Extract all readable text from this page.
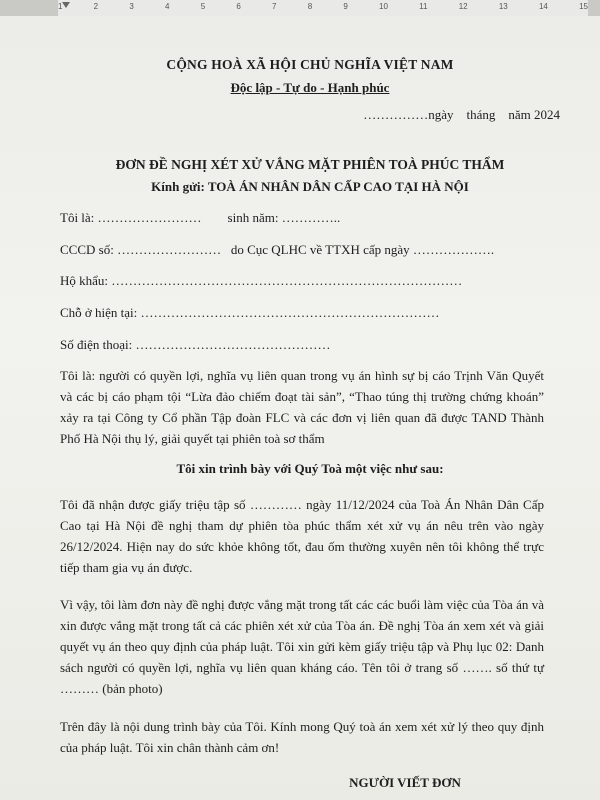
1	2	3	4	5	6	7	8	9	10	11	12	13	14	15
CỘNG HOÀ XÃ HỘI CHỦ NGHĨA VIỆT NAM
Độc lập - Tự do - Hạnh phúc
……………ngày    tháng    năm 2024
ĐƠN ĐỀ NGHỊ XÉT XỬ VẮNG MẶT PHIÊN TOÀ PHÚC THẨM
Kính gửi: TOÀ ÁN NHÂN DÂN CẤP CAO TẠI HÀ NỘI
Tôi là: ……………………        sinh năm: …………..
CCCD số: ……………………   do Cục QLHC về TTXH cấp ngày ……………….
Hộ khẩu: ………………………………………………………………………
Chỗ ở hiện tại: ……………………………………………………………
Số điện thoại: ………………………………………
Tôi là: người có quyền lợi, nghĩa vụ liên quan trong vụ án hình sự bị cáo Trịnh Văn Quyết và các bị cáo phạm tội “Lừa đảo chiếm đoạt tài sản”, “Thao túng thị trường chứng khoán” xảy ra tại Công ty Cổ phần Tập đoàn FLC và các đơn vị liên quan đã được TAND Thành Phố Hà Nội thụ lý, giải quyết tại phiên toà sơ thẩm
Tôi xin trình bày với Quý Toà một việc như sau:
Tôi đã nhận được giấy triệu tập số ………… ngày 11/12/2024 của Toà Án Nhân Dân Cấp Cao tại Hà Nội đề nghị tham dự phiên tòa phúc thẩm xét xử vụ án nêu trên vào ngày 26/12/2024. Hiện nay do sức khỏe không tốt, đau ốm thường xuyên nên tôi không thể trực tiếp tham gia vụ án được.
Vì vậy, tôi làm đơn này đề nghị được vắng mặt trong tất các các buổi làm việc của Tòa án và xin được vắng mặt trong tất cả các phiên xét xử của Tòa án. Đề nghị Tòa án xem xét và giải quyết vụ án theo quy định của pháp luật. Tôi xin gửi kèm giấy triệu tập và Phụ lục 02: Danh sách người có quyền lợi, nghĩa vụ liên quan kháng cáo. Tên tôi ở trang số ……. số thứ tự ……… (bản photo)
Trên đây là nội dung trình bày của Tôi. Kính mong Quý toà án xem xét xử lý theo quy định của pháp luật. Tôi xin chân thành cảm ơn!
NGƯỜI VIẾT ĐƠN
